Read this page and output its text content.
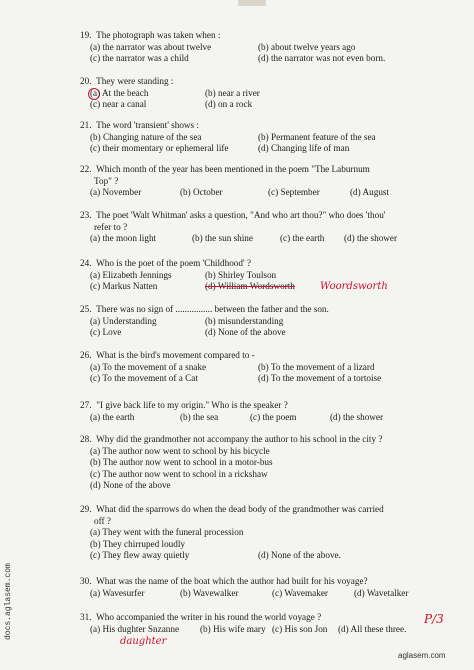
19. The photograph was taken when :
(a) the narrator was about twelve	(b) about twelve years ago
(c) the narrator was a child	(d) the narrator was not even born.
20. They were standing :
(a) At the beach	(b) near a river
(c) near a canal	(d) on a rock
21. The word 'transient' shows :
(b) Changing nature of the sea	(b) Permanent feature of the sea
(c) their momentary or ephemeral life	(d) Changing life of man
22. Which month of the year has been mentioned in the poem "The Laburnum
Top" ?
(a) November	(b) October	(c) September	(d) August
23. The poet 'Walt Whitman' asks a question, "And who art thou?" who does 'thou'
refer to ?
(a) the moon light	(b) the sun shine	(c) the earth (d) the shower
24. Who is the poet of the poem 'Childhood' ?
(a) Elizabeth Jennings	(b) Shirley Toulson
(c) Markus Natten	(d) William Wordsworth	Woordsworth
25. There was no sign of ................ between the father and the son.
(a) Understanding	(b) misunderstanding
(c) Love	(d) None of the above
26. What is the bird's movement compared to -
(a) To the movement of a snake	(b) To the movement of a lizard
(c) To the movement of a Cat	(d) To the movement of a tortoise
27. "I give back life to my origin." Who is the speaker ?
(a) the earth	(b) the sea	(c) the poem	(d) the shower
28. Why did the grandmother not accompany the author to his school in the city ?
(a) The author now went to school by his bicycle
(b) The author now went to school in a motor-bus
(c) The author now went to school in a rickshaw
(d) None of the above
29. What did the sparrows do when the dead body of the grandmother was carried
off ?
(a) They went with the funeral procession
(b) They chirruped loudly
(c) They flew away quietly	(d) None of the above.
30. What was the name of the boat which the author had built for his voyage?
(a) Wavesurfer	(b) Wavewalker	(c) Wavemaker	(d) Wavetalker
31. Who accompanied the writer in his round the world voyage ?
(a) His dughter Snzanne (b) His wife mary (c) His son Jon (d) All these three.
daughter
P/3
docs.aglasem.com
aglasem.com
